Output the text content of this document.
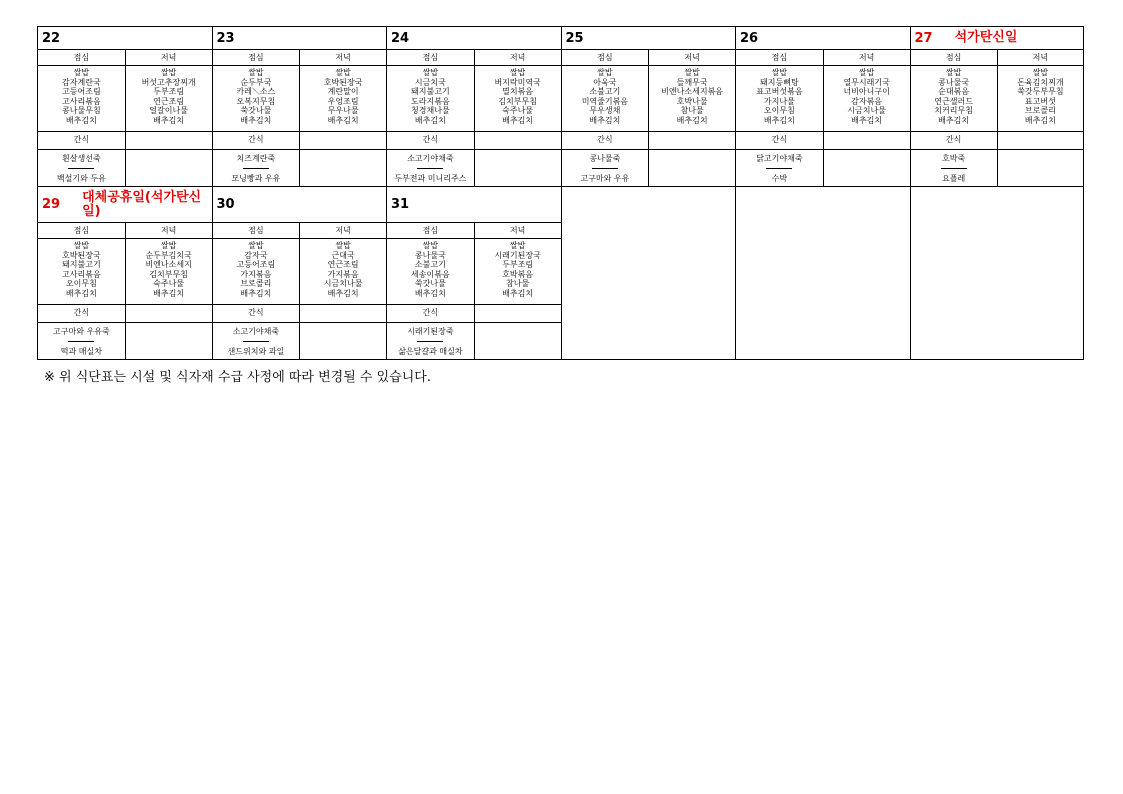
22
점심
쌀밥
감자계란국
고등어조림
고사리볶음
콩나물무침
배추김치
저녁
쌀밥
버섯고추장찌개
두부조림
연근조림
얼갈이나물
배추김치
간식
흰살생선죽
백설기와 두유
23
점심
쌀밥
순두부국
카레＼소스
오복지무침
쑥갓나물
배추김치
저녁
쌀밥
호박된장국
계란말이
우엉조림
무우나물
배추김치
간식
치즈계란죽
모닝빵과 우유
24
점심
쌀밥
시금치국
돼지불고기
도라지볶음
청경채나물
배추김치
저녁
쌀밥
버지락미역국
멸치볶음
김치부무침
숙주나물
배추김치
간식
소고기야채죽
두부전과 미니리주스
25
점심
쌀밥
아욱국
소불고기
미역줄기볶음
무우생채
배추김치
저녁
쌀밥
들깨무국
비엔나소세지볶음
호박나물
참나물
배추김치
간식
콩나물죽
고구마와 우유
26
점심
쌀밥
돼지등뼈탕
표고버섯볶음
가지나물
오이무침
배추김치
저녁
쌀밥
열무시래기국
너비아니구이
감자볶음
시금치나물
배추김치
간식
닭고기야채죽
수박
27 석가탄신일
점심
쌀밥
콩나물국
순대볶음
연근샐러드
치커리무침
배추김치
저녁
쌀밥
돈육김치찌개
쑥갓두부무침
표고버섯
브로콜리
배추김치
간식
호박죽
요플레
29 대체공휴일(석가탄신일)
점심
쌀밥
호박된장국
돼지불고기
고사리볶음
오이무침
배추김치
저녁
쌀밥
순두부김치국
비엔나소세지
김치부무침
숙주나물
배추김치
간식
고구마와 우유죽
떡과 매실차
30
점심
쌀밥
감자국
고등어조림
가지볶음
브로콜리
배추김치
저녁
쌀밥
근대국
연근조림
가지볶음
시금치나물
배추김치
간식
소고기야채죽
샌드위치와 과일
31
점심
쌀밥
콩나물국
소불고기
세송이볶음
쑥갓나물
배추김치
저녁
쌀밥
시래기된장국
두부조림
호박볶음
참나물
배추김치
간식
시래기된장죽
삶은달걀과 매실차
※ 위 식단표는 시설 및 식자재 수급 사정에 따라 변경될 수 있습니다.
